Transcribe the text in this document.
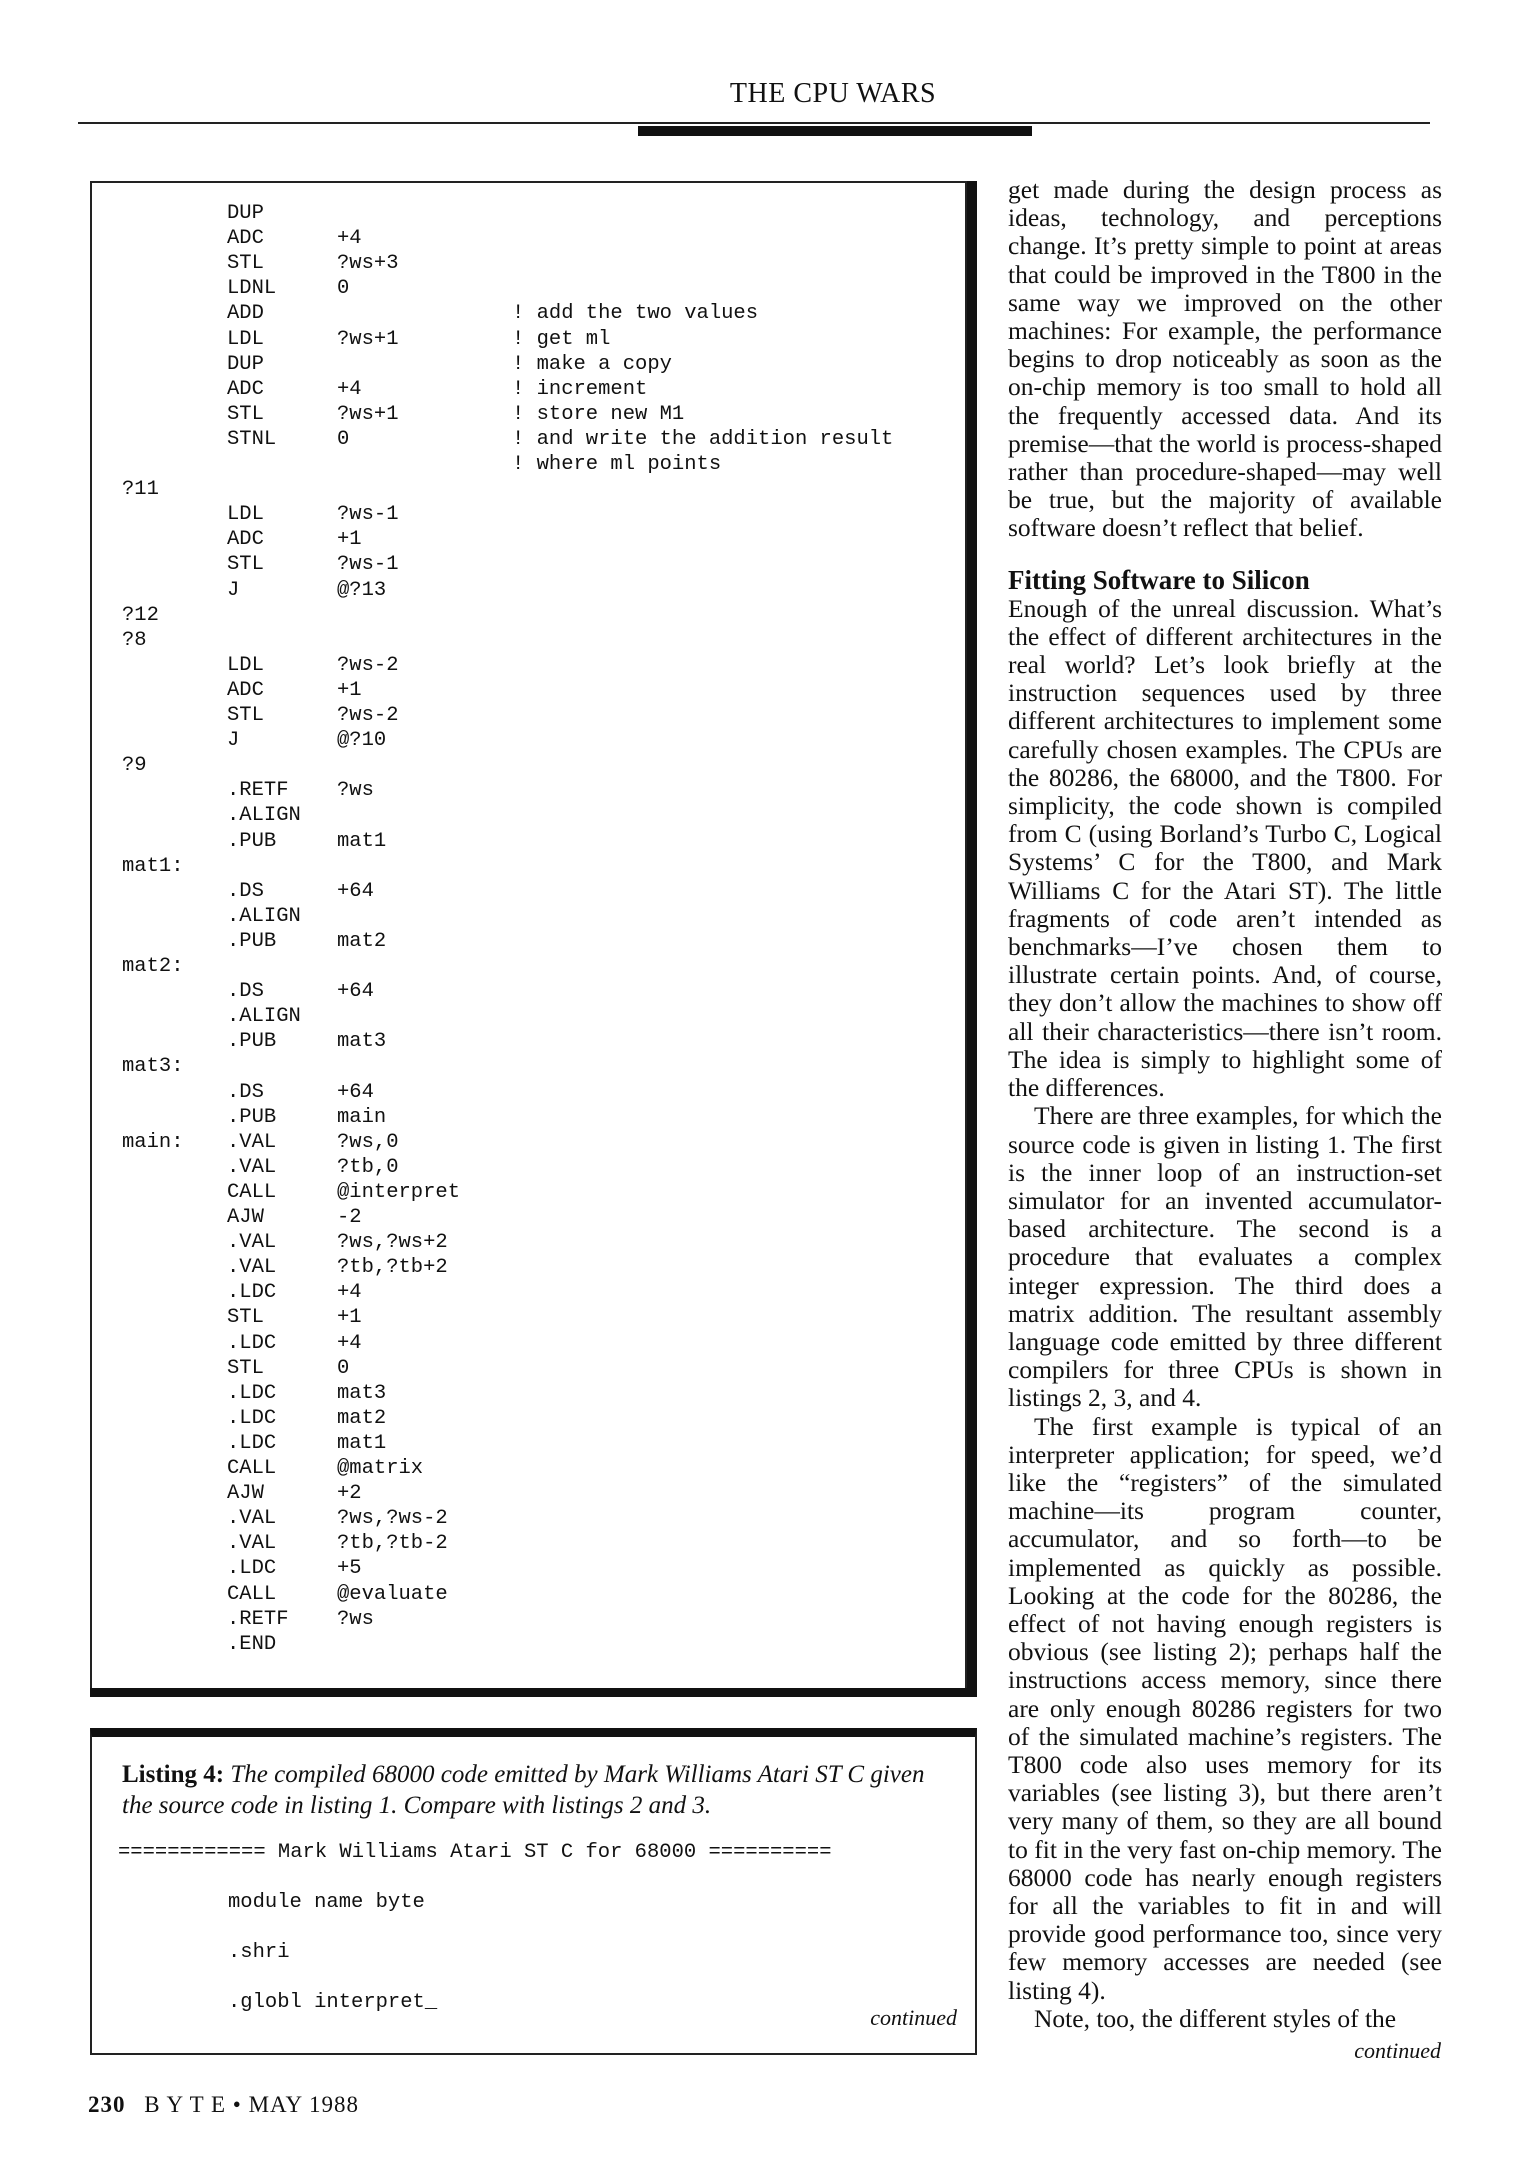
THE CPU WARS
DUP
ADC	+4
STL	?ws+3
LDNL	0
ADD	! add the two values
LDL	?ws+1	! get ml
DUP	! make a copy
ADC	+4	! increment
STL	?ws+1	! store new M1
STNL	0	! and write the addition result
! where ml points
?11
LDL	?ws-1
ADC	+1
STL	?ws-1
J	@?13
?12
?8
LDL	?ws-2
ADC	+1
STL	?ws-2
J	@?10
?9
.RETF ?ws
.ALIGN
.PUB	mat1
mat1:
.DS	+64
.ALIGN
.PUB	mat2
mat2:
.DS	+64
.ALIGN
.PUB	mat3
mat3:
.DS	+64
.PUB	main
main: .VAL	?ws,0
.VAL	?tb,0
CALL	@interpret
AJW	-2
.VAL	?ws,?ws+2
.VAL	?tb,?tb+2
.LDC	+4
STL	+1
.LDC	+4
STL	0
.LDC	mat3
.LDC	mat2
.LDC	mat1
CALL	@matrix
AJW	+2
.VAL	?ws,?ws-2
.VAL	?tb,?tb-2
.LDC	+5
CALL	@evaluate
.RETF ?ws
.END
Listing 4: The compiled 68000 code emitted by Mark Williams Atari ST C given the source code in listing 1. Compare with listings 2 and 3.
============ Mark Williams Atari ST C for 68000 ==========
module name byte
.shri
.globl interpret_
continued

get made during the design process as ideas, technology, and perceptions change. It’s pretty simple to point at areas that could be improved in the T800 in the same way we improved on the other machines: For example, the performance begins to drop noticeably as soon as the on-chip memory is too small to hold all the frequently accessed data. And its premise—that the world is process-shaped rather than procedure-shaped—may well be true, but the majority of available software doesn’t reflect that belief.

Fitting Software to Silicon

Enough of the unreal discussion. What’s the effect of different architectures in the real world? Let’s look briefly at the instruction sequences used by three different architectures to implement some carefully chosen examples. The CPUs are the 80286, the 68000, and the T800. For simplicity, the code shown is compiled from C (using Borland’s Turbo C, Logical Systems’ C for the T800, and Mark Williams C for the Atari ST). The little fragments of code aren’t intended as benchmarks—I’ve chosen them to illustrate certain points. And, of course, they don’t allow the machines to show off all their characteristics—there isn’t room. The idea is simply to highlight some of the differences.

There are three examples, for which the source code is given in listing 1. The first is the inner loop of an instruction-set simulator for an invented accumulator-based architecture. The second is a procedure that evaluates a complex integer expression. The third does a matrix addition. The resultant assembly language code emitted by three different compilers for three CPUs is shown in listings 2, 3, and 4.

The first example is typical of an interpreter application; for speed, we’d like the “registers” of the simulated machine—its program counter, accumulator, and so forth—to be implemented as quickly as possible. Looking at the code for the 80286, the effect of not having enough registers is obvious (see listing 2); perhaps half the instructions access memory, since there are only enough 80286 registers for two of the simulated machine’s registers. The T800 code also uses memory for its variables (see listing 3), but there aren’t very many of them, so they are all bound to fit in the very fast on-chip memory. The 68000 code has nearly enough registers for all the variables to fit in and will provide good performance too, since very few memory accesses are needed (see listing 4).

Note, too, the different styles of the

continued
230 B Y T E • MAY 1988
